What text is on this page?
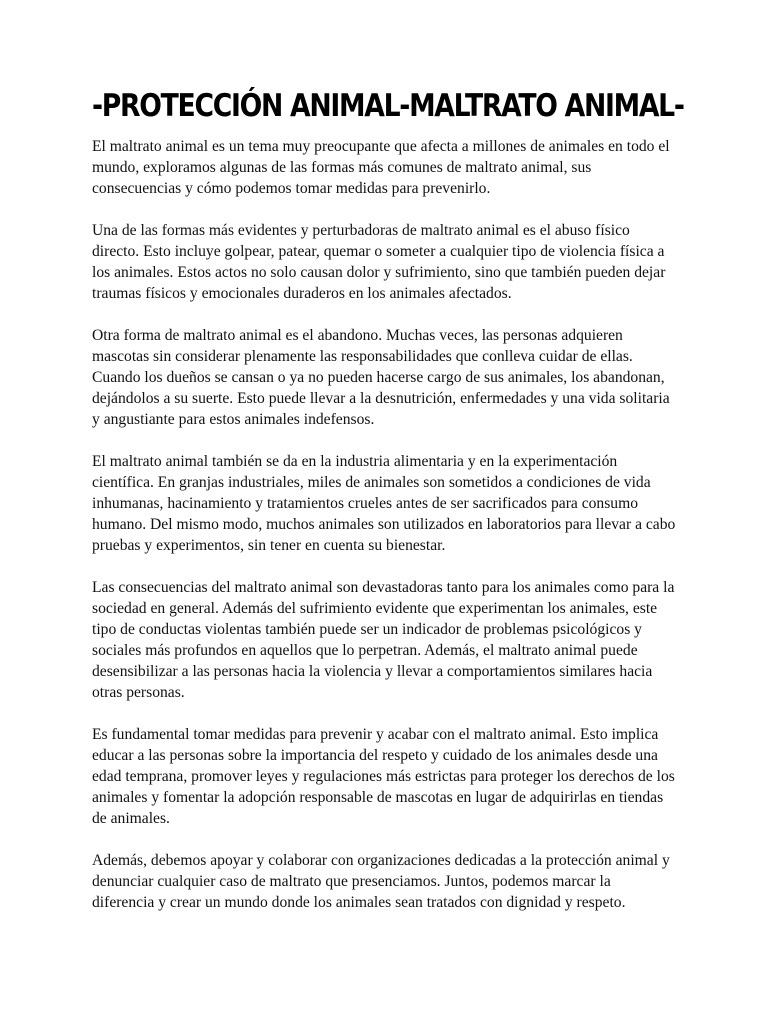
-PROTECCIÓN ANIMAL-MALTRATO ANIMAL-

El maltrato animal es un tema muy preocupante que afecta a millones de animales en todo el mundo, exploramos algunas de las formas más comunes de maltrato animal, sus consecuencias y cómo podemos tomar medidas para prevenirlo.

Una de las formas más evidentes y perturbadoras de maltrato animal es el abuso físico directo. Esto incluye golpear, patear, quemar o someter a cualquier tipo de violencia física a los animales. Estos actos no solo causan dolor y sufrimiento, sino que también pueden dejar traumas físicos y emocionales duraderos en los animales afectados.

Otra forma de maltrato animal es el abandono. Muchas veces, las personas adquieren mascotas sin considerar plenamente las responsabilidades que conlleva cuidar de ellas. Cuando los dueños se cansan o ya no pueden hacerse cargo de sus animales, los abandonan, dejándolos a su suerte. Esto puede llevar a la desnutrición, enfermedades y una vida solitaria y angustiante para estos animales indefensos.

El maltrato animal también se da en la industria alimentaria y en la experimentación científica. En granjas industriales, miles de animales son sometidos a condiciones de vida inhumanas, hacinamiento y tratamientos crueles antes de ser sacrificados para consumo humano. Del mismo modo, muchos animales son utilizados en laboratorios para llevar a cabo pruebas y experimentos, sin tener en cuenta su bienestar.

Las consecuencias del maltrato animal son devastadoras tanto para los animales como para la sociedad en general. Además del sufrimiento evidente que experimentan los animales, este tipo de conductas violentas también puede ser un indicador de problemas psicológicos y sociales más profundos en aquellos que lo perpetran. Además, el maltrato animal puede desensibilizar a las personas hacia la violencia y llevar a comportamientos similares hacia otras personas.

Es fundamental tomar medidas para prevenir y acabar con el maltrato animal. Esto implica educar a las personas sobre la importancia del respeto y cuidado de los animales desde una edad temprana, promover leyes y regulaciones más estrictas para proteger los derechos de los animales y fomentar la adopción responsable de mascotas en lugar de adquirirlas en tiendas de animales.

Además, debemos apoyar y colaborar con organizaciones dedicadas a la protección animal y denunciar cualquier caso de maltrato que presenciamos. Juntos, podemos marcar la diferencia y crear un mundo donde los animales sean tratados con dignidad y respeto.
